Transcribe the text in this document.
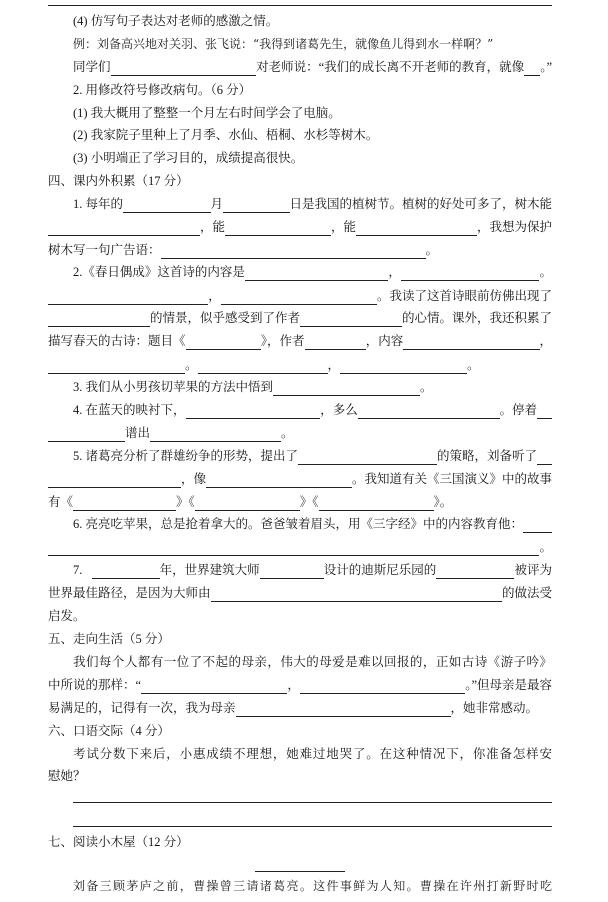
(4) 仿写句子表达对老师的感激之情。
例：刘备高兴地对关羽、张飞说：“我得到诸葛先生，就像鱼儿得到水一样啊？”
同学们	对老师说：“我们的成长离不开老师的教育，就像 。”
2. 用修改符号修改病句。（6 分）
(1) 我大概用了整整一个月左右时间学会了电脑。
(2) 我家院子里种上了月季、水仙、梧桐、水杉等树木。
(3) 小明端正了学习目的，成绩提高很快。
四、课内外积累（17 分）
1. 每年的	月	日是我国的植树节。植树的好处可多了，树木能
，能	，能	，我想为保护
树木写一句广告语：	。
2.《春日偶成》这首诗的内容是	，	。
，	。我读了这首诗眼前仿佛出现了
的情景，似乎感受到了作者	的心情。课外，我还积累了
描写春天的古诗：题目《	》，作者	，内容	，
。	，	。
3. 我们从小男孩切苹果的方法中悟到	。
4. 在蓝天的映衬下，	，多么	。停着
谱出	。
5. 诸葛亮分析了群雄纷争的形势，提出了	的策略，刘备听了
，像	。我知道有关《三国演义》中的故事
有《	》《	》《	》。
6. 亮亮吃苹果，总是抢着拿大的。爸爸皱着眉头，用《三字经》中的内容教育他：
。
7.	年，世界建筑大师	设计的迪斯尼乐园的	被评为
世界最佳路径，是因为大师由	的做法受
启发。
五、走向生活（5 分）
我们每个人都有一位了不起的母亲，伟大的母爱是难以回报的，正如古诗《游子吟》
中所说的那样：“	，	。”但母亲是最容
易满足的，记得有一次，我为母亲	，她非常感动。
六、口语交际（4 分）
考试分数下来后，小惠成绩不理想，她难过地哭了。在这种情况下，你准备怎样安
慰她？
七、阅读小木屋（12 分）
刘备三顾茅庐之前，曹操曾三请诸葛亮。这件事鲜为人知。曹操在许州打新野时吃
